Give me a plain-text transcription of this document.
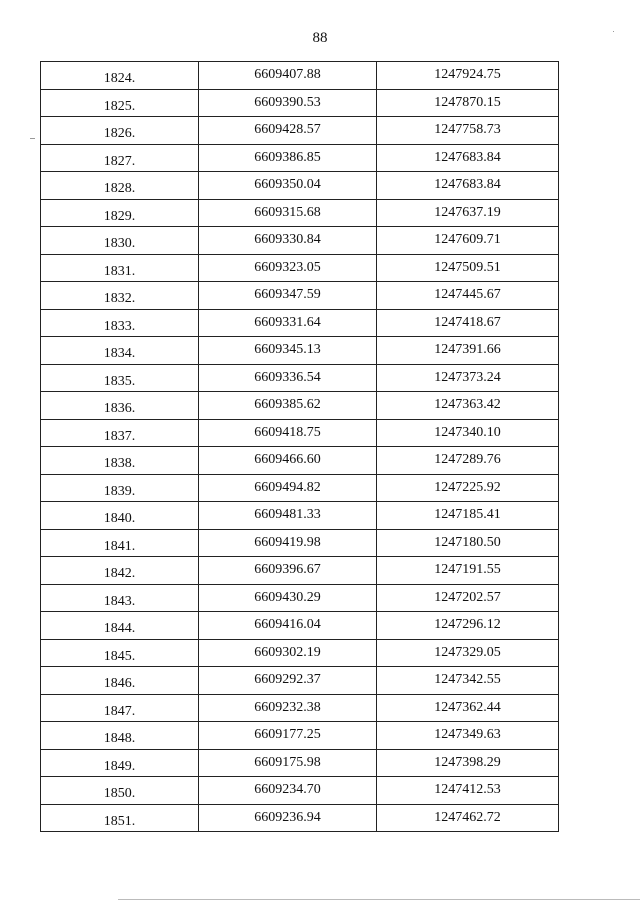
88
1824.	6609407.88	1247924.75
1825.	6609390.53	1247870.15
1826.	6609428.57	1247758.73
1827.	6609386.85	1247683.84
1828.	6609350.04	1247683.84
1829.	6609315.68	1247637.19
1830.	6609330.84	1247609.71
1831.	6609323.05	1247509.51
1832.	6609347.59	1247445.67
1833.	6609331.64	1247418.67
1834.	6609345.13	1247391.66
1835.	6609336.54	1247373.24
1836.	6609385.62	1247363.42
1837.	6609418.75	1247340.10
1838.	6609466.60	1247289.76
1839.	6609494.82	1247225.92
1840.	6609481.33	1247185.41
1841.	6609419.98	1247180.50
1842.	6609396.67	1247191.55
1843.	6609430.29	1247202.57
1844.	6609416.04	1247296.12
1845.	6609302.19	1247329.05
1846.	6609292.37	1247342.55
1847.	6609232.38	1247362.44
1848.	6609177.25	1247349.63
1849.	6609175.98	1247398.29
1850.	6609234.70	1247412.53
1851.	6609236.94	1247462.72
